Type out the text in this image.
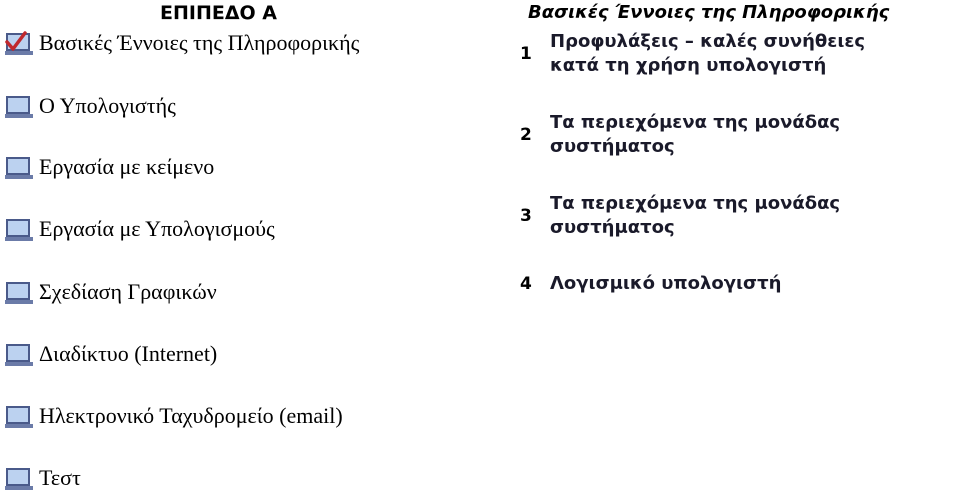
ΕΠΙΠΕΔΟ Α
Βασικές Έννοιες της Πληροφορικής
Ο Υπολογιστής
Εργασία με κείμενο
Εργασία με Υπολογισμούς
Σχεδίαση Γραφικών
Διαδίκτυο (Internet)
Ηλεκτρονικό Ταχυδρομείο (email)
Τεστ
Βασικές Έννοιες της Πληροφορικής
1
Προφυλάξεις – καλές συνήθειες
κατά τη χρήση υπολογιστή
2
Τα περιεχόμενα της μονάδας
συστήματος
3
Τα περιεχόμενα της μονάδας
συστήματος
4	Λογισμικό υπολογιστή
